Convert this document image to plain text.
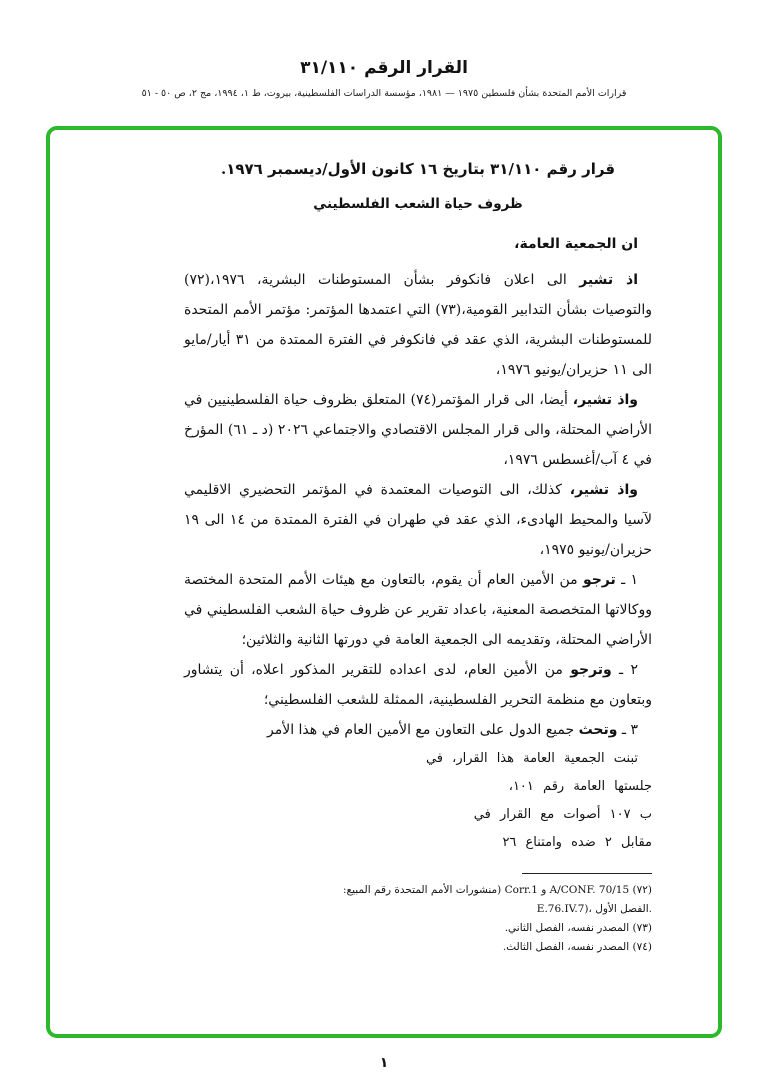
القرار الرقم ٣١/١١٠
قرارات الأمم المتحدة بشأن فلسطين ١٩٧٥ — ١٩٨١، مؤسسة الدراسات الفلسطينية، بيروت، ط ١، ١٩٩٤، مج ٢، ص ٥٠ - ٥١
قرار رقم ٣١/١١٠ بتاريخ ١٦ كانون الأول/ديسمبر ١٩٧٦.
ظروف حياة الشعب الفلسطيني

ان الجمعية العامة،

اذ تشير الى اعلان فانكوفر بشأن المستوطنات البشرية، ١٩٧٦،(٧٢) والتوصيات بشأن التدابير القومية،(٧٣) التي اعتمدها المؤتمر: مؤتمر الأمم المتحدة للمستوطنات البشرية، الذي عقد في فانكوفر في الفترة الممتدة من ٣١ أيار/مايو الى ١١ حزيران/يونيو ١٩٧٦،

واذ تشير، أيضا، الى قرار المؤتمر(٧٤) المتعلق بظروف حياة الفلسطينيين في الأراضي المحتلة، والى قرار المجلس الاقتصادي والاجتماعي ٢٠٢٦ (د ـ ٦١) المؤرخ في ٤ آب/أغسطس ١٩٧٦،

واذ تشير، كذلك، الى التوصيات المعتمدة في المؤتمر التحضيري الاقليمي لآسيا والمحيط الهادىء، الذي عقد في طهران في الفترة الممتدة من ١٤ الى ١٩ حزيران/يونيو ١٩٧٥،

١ ـ ترجو من الأمين العام أن يقوم، بالتعاون مع هيئات الأمم المتحدة المختصة ووكالاتها المتخصصة المعنية، باعداد تقرير عن ظروف حياة الشعب الفلسطيني في الأراضي المحتلة، وتقديمه الى الجمعية العامة في دورتها الثانية والثلاثين؛

٢ ـ وترجو من الأمين العام، لدى اعداده للتقرير المذكور اعلاه، أن يتشاور وبتعاون مع منظمة التحرير الفلسطينية، الممثلة للشعب الفلسطيني؛

٣ ـ وتحث جميع الدول على التعاون مع الأمين العام في هذا الأمر

تبنت الجمعية العامة هذا القرار، في
جلستها العامة رقم ١٠١،
ب ١٠٧ أصوات مع القرار في
مقابل ٢ ضده وامتناع ٢٦
(٧٢) A/CONF. 70/15 و Corr.1 (منشورات الأمم المتحدة رقم المبيع:
E.76.IV.7)، الفصل الأول.
(٧٣) المصدر نفسه، الفصل الثاني.
(٧٤) المصدر نفسه، الفصل الثالث.
١
